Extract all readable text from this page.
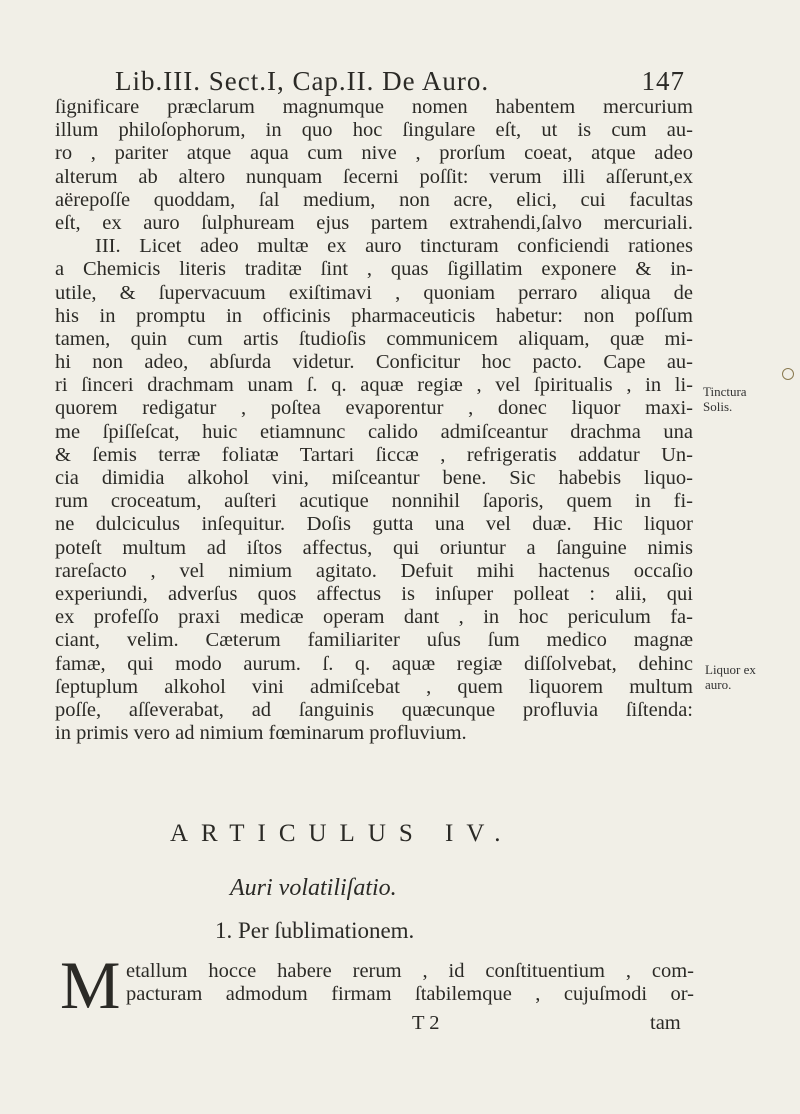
Lib.III. Sect.I, Cap.II. De Auro.	147
ſignificare præclarum magnumque nomen habentem mercurium
illum philoſophorum, in quo hoc ſingulare eſt, ut is cum au-
ro , pariter atque aqua cum nive , prorſum coeat, atque adeo
alterum ab altero nunquam ſecerni poſſit: verum illi aſſerunt,ex
aërepoſſe quoddam, ſal medium, non acre, elici, cui facultas
eſt, ex auro ſulphuream ejus partem extrahendi,ſalvo mercuriali.
III. Licet adeo multæ ex auro tincturam conficiendi rationes
a Chemicis literis traditæ ſint , quas ſigillatim exponere & in-
utile, & ſupervacuum exiſtimavi , quoniam perraro aliqua de
his in promptu in officinis pharmaceuticis habetur: non poſſum
tamen, quin cum artis ſtudioſis communicem aliquam, quæ mi-
hi non adeo, abſurda videtur. Conficitur hoc pacto. Cape au-
ri ſinceri drachmam unam ſ. q. aquæ regiæ , vel ſpiritualis , in li-
quorem redigatur , poſtea evaporentur , donec liquor maxi-
me ſpiſſeſcat, huic etiamnunc calido admiſceantur drachma una
& ſemis terræ foliatæ Tartari ſiccæ , refrigeratis addatur Un-
cia dimidia alkohol vini, miſceantur bene. Sic habebis liquo-
rum croceatum, auſteri acutique nonnihil ſaporis, quem in fi-
ne dulciculus inſequitur. Doſis gutta una vel duæ. Hic liquor
poteſt multum ad iſtos affectus, qui oriuntur a ſanguine nimis
rareſacto , vel nimium agitato. Defuit mihi hactenus occaſio
experiundi, adverſus quos affectus is inſuper polleat : alii, qui
ex profeſſo praxi medicæ operam dant , in hoc periculum fa-
ciant, velim. Cæterum familiariter uſus ſum medico magnæ
famæ, qui modo aurum. ſ. q. aquæ regiæ diſſolvebat, dehinc
ſeptuplum alkohol vini admiſcebat , quem liquorem multum
poſſe, aſſeverabat, ad ſanguinis quæcunque profluvia ſiſtenda:
in primis vero ad nimium fœminarum profluvium.
Tinctura
Solis.
Liquor ex
auro.
ARTICULUS IV.
Auri volatiliſatio.
1. Per ſublimationem.
M etallum hocce habere rerum , id conſtituentium , com-
pacturam admodum firmam ſtabilemque , cujuſmodi or-
T 2	tam
